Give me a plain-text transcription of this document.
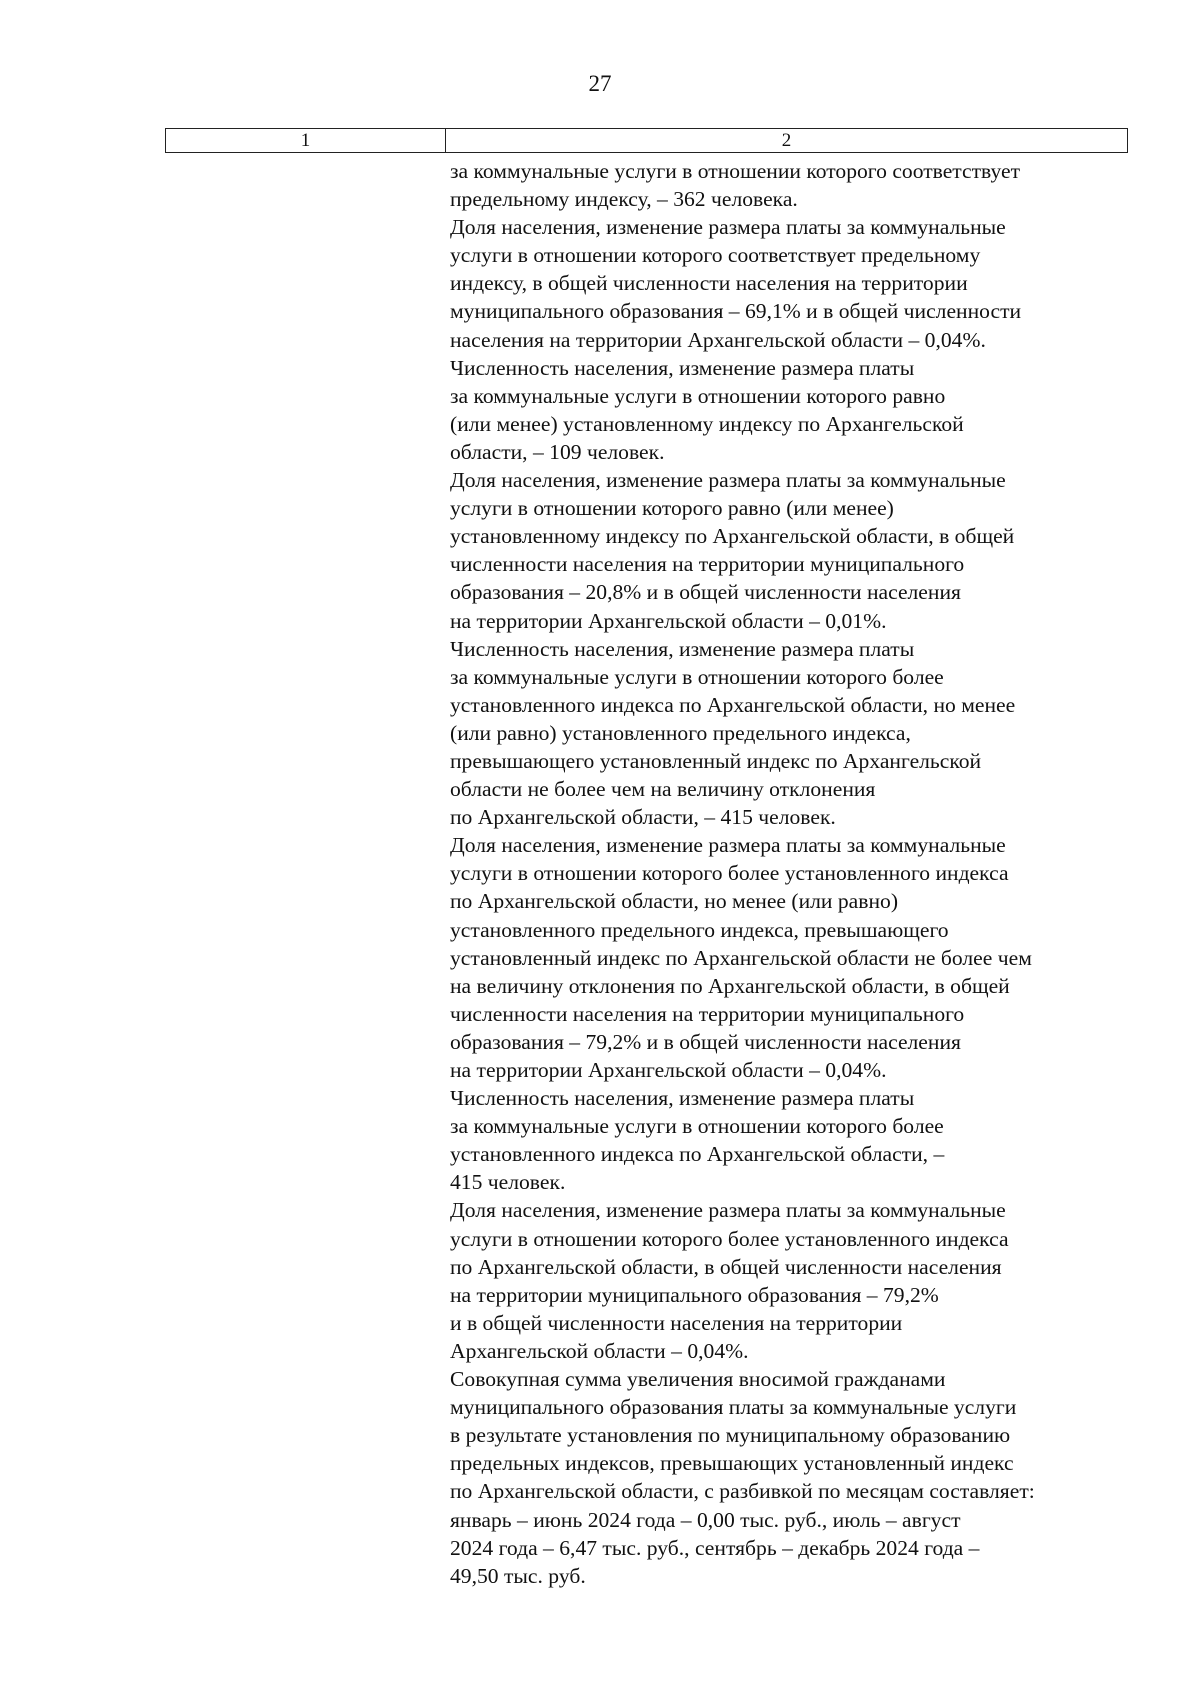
27
1	2
за коммунальные услуги в отношении которого соответствует
предельному индексу, – 362 человека.
Доля населения, изменение размера платы за коммунальные
услуги в отношении которого соответствует предельному
индексу, в общей численности населения на территории
муниципального образования – 69,1% и в общей численности
населения на территории Архангельской области – 0,04%.
Численность населения, изменение размера платы
за коммунальные услуги в отношении которого равно
(или менее) установленному индексу по Архангельской
области, – 109 человек.
Доля населения, изменение размера платы за коммунальные
услуги в отношении которого равно (или менее)
установленному индексу по Архангельской области, в общей
численности населения на территории муниципального
образования – 20,8% и в общей численности населения
на территории Архангельской области – 0,01%.
Численность населения, изменение размера платы
за коммунальные услуги в отношении которого более
установленного индекса по Архангельской области, но менее
(или равно) установленного предельного индекса,
превышающего установленный индекс по Архангельской
области не более чем на величину отклонения
по Архангельской области, – 415 человек.
Доля населения, изменение размера платы за коммунальные
услуги в отношении которого более установленного индекса
по Архангельской области, но менее (или равно)
установленного предельного индекса, превышающего
установленный индекс по Архангельской области не более чем
на величину отклонения по Архангельской области, в общей
численности населения на территории муниципального
образования – 79,2% и в общей численности населения
на территории Архангельской области – 0,04%.
Численность населения, изменение размера платы
за коммунальные услуги в отношении которого более
установленного индекса по Архангельской области, –
415 человек.
Доля населения, изменение размера платы за коммунальные
услуги в отношении которого более установленного индекса
по Архангельской области, в общей численности населения
на территории муниципального образования – 79,2%
и в общей численности населения на территории
Архангельской области – 0,04%.
Совокупная сумма увеличения вносимой гражданами
муниципального образования платы за коммунальные услуги
в результате установления по муниципальному образованию
предельных индексов, превышающих установленный индекс
по Архангельской области, с разбивкой по месяцам составляет:
январь – июнь 2024 года – 0,00 тыс. руб., июль – август
2024 года – 6,47 тыс. руб., сентябрь – декабрь 2024 года –
49,50 тыс. руб.
